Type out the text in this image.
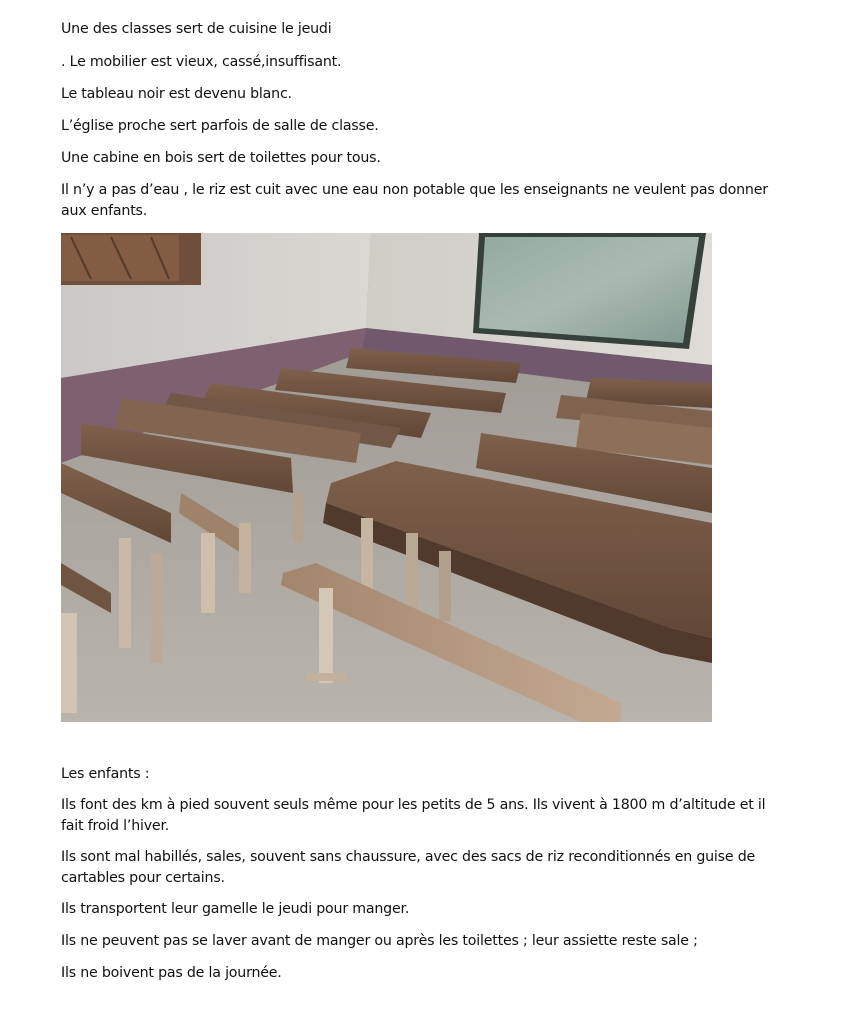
Une des classes sert de cuisine le jeudi

. Le mobilier est vieux, cassé,insuffisant.

Le tableau noir est devenu blanc.

L’église proche sert parfois de salle de classe.

Une cabine en bois sert de toilettes pour tous.

Il n’y a pas d’eau , le riz est cuit avec une eau non potable que les enseignants ne veulent pas donner aux enfants.

Les enfants :

Ils font des km à pied souvent seuls même pour les petits de 5 ans. Ils vivent à 1800 m d’altitude et il fait froid l’hiver.

Ils sont mal habillés, sales, souvent sans chaussure, avec des sacs de riz reconditionnés en guise de cartables pour certains.

Ils transportent leur gamelle le jeudi pour manger.

Ils ne peuvent pas se laver avant de manger ou après les toilettes ; leur assiette reste sale ;

Ils ne boivent pas de la journée.
